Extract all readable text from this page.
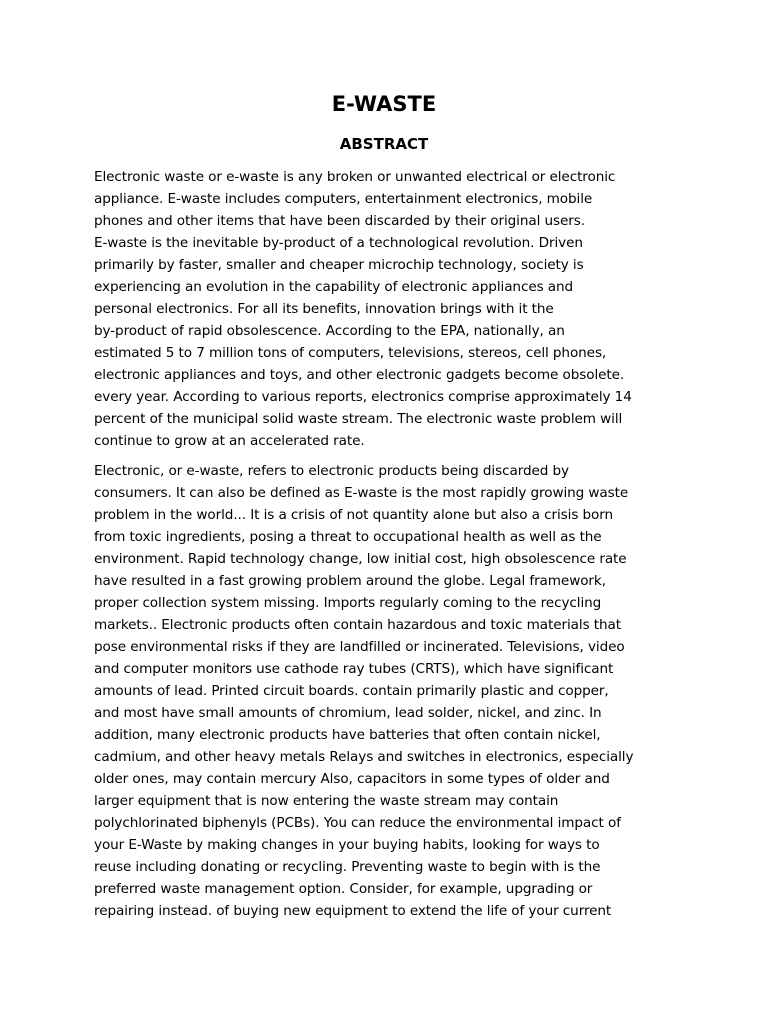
E-WASTE
ABSTRACT

Electronic waste or e-waste is any broken or unwanted electrical or electronic
appliance. E-waste includes computers, entertainment electronics, mobile
phones and other items that have been discarded by their original users.
E-waste is the inevitable by-product of a technological revolution. Driven
primarily by faster, smaller and cheaper microchip technology, society is
experiencing an evolution in the capability of electronic appliances and
personal electronics. For all its benefits, innovation brings with it the
by-product of rapid obsolescence. According to the EPA, nationally, an
estimated 5 to 7 million tons of computers, televisions, stereos, cell phones,
electronic appliances and toys, and other electronic gadgets become obsolete.
every year. According to various reports, electronics comprise approximately 14
percent of the municipal solid waste stream. The electronic waste problem will
continue to grow at an accelerated rate.

Electronic, or e-waste, refers to electronic products being discarded by
consumers. It can also be defined as E-waste is the most rapidly growing waste
problem in the world... It is a crisis of not quantity alone but also a crisis born
from toxic ingredients, posing a threat to occupational health as well as the
environment. Rapid technology change, low initial cost, high obsolescence rate
have resulted in a fast growing problem around the globe. Legal framework,
proper collection system missing. Imports regularly coming to the recycling
markets.. Electronic products often contain hazardous and toxic materials that
pose environmental risks if they are landfilled or incinerated. Televisions, video
and computer monitors use cathode ray tubes (CRTS), which have significant
amounts of lead. Printed circuit boards. contain primarily plastic and copper,
and most have small amounts of chromium, lead solder, nickel, and zinc. In
addition, many electronic products have batteries that often contain nickel,
cadmium, and other heavy metals Relays and switches in electronics, especially
older ones, may contain mercury Also, capacitors in some types of older and
larger equipment that is now entering the waste stream may contain
polychlorinated biphenyls (PCBs). You can reduce the environmental impact of
your E-Waste by making changes in your buying habits, looking for ways to
reuse including donating or recycling. Preventing waste to begin with is the
preferred waste management option. Consider, for example, upgrading or
repairing instead. of buying new equipment to extend the life of your current
